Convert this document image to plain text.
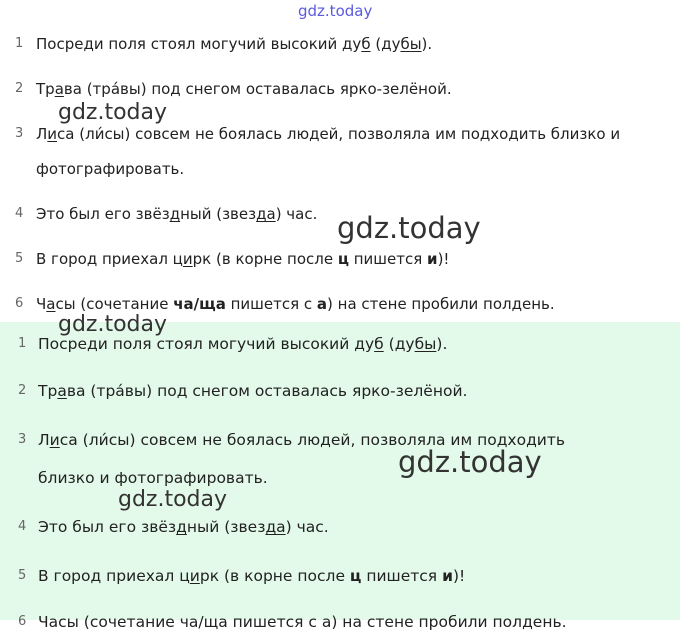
gdz.today
1 Посреди поля стоял могучий высокий дуб (дубы).
2 Трава (тра́вы) под снегом оставалась ярко-зелёной.
gdz.today
3 Лиса (ли́сы) совсем не боялась людей, позволяла им подходить близко и
фотографировать.
4 Это был его звёздный (звезда) час. gdz.today
5 В город приехал цирк (в корне после ц пишется и)!
6 Часы (сочетание ча/ща пишется с а) на стене пробили полдень.
gdz.today
1 Посреди поля стоял могучий высокий дуб (дубы).
2 Трава (тра́вы) под снегом оставалась ярко-зелёной.
3 Лиса (ли́сы) совсем не боялась людей, позволяла им подходить
gdz.today
близко и фотографировать.
gdz.today
4 Это был его звёздный (звезда) час.
5 В город приехал цирк (в корне после ц пишется и)!
6 Часы (сочетание ча/ща пишется с а) на стене пробили полдень.
